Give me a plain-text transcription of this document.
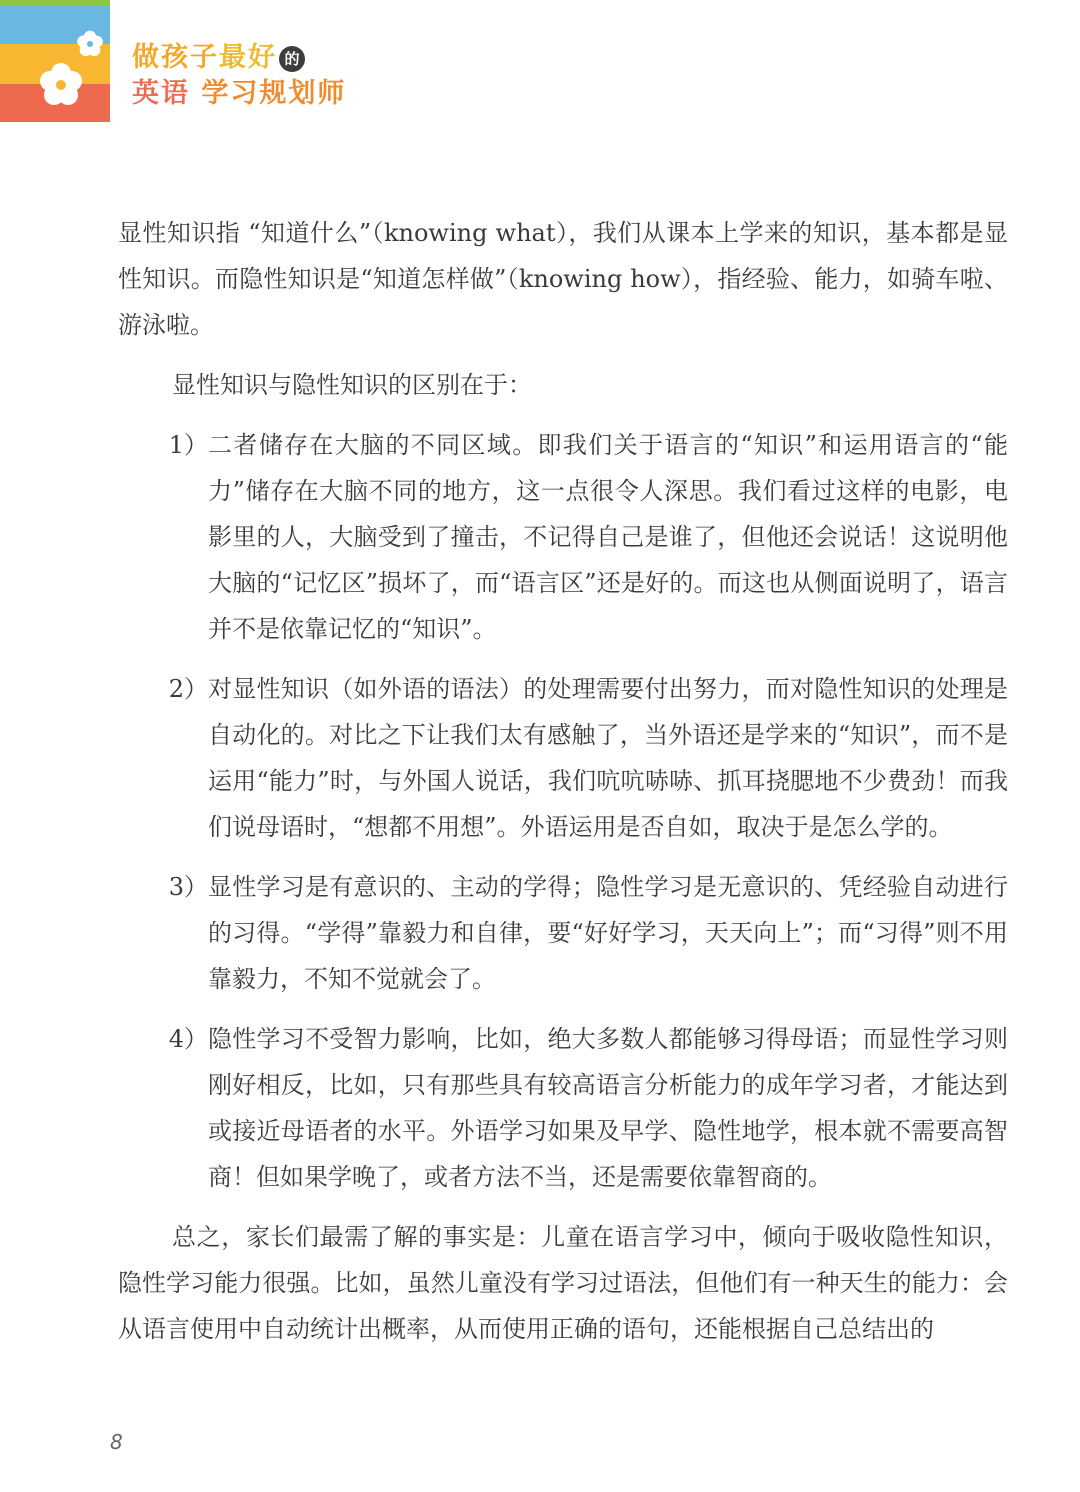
做孩子最好 的
英语 学习规划师

显性知识指 “知道什么”（knowing what），我们从课本上学来的知识，基本都是显性知识。而隐性知识是“知道怎样做”（knowing how），指经验、能力，如骑车啦、游泳啦。

显性知识与隐性知识的区别在于：

1） 二者储存在大脑的不同区域。即我们关于语言的“知识”和运用语言的“能力”储存在大脑不同的地方，这一点很令人深思。我们看过这样的电影，电影里的人，大脑受到了撞击，不记得自己是谁了，但他还会说话！这说明他大脑的“记忆区”损坏了，而“语言区”还是好的。而这也从侧面说明了，语言并不是依靠记忆的“知识”。

2） 对显性知识（如外语的语法）的处理需要付出努力，而对隐性知识的处理是自动化的。对比之下让我们太有感触了，当外语还是学来的“知识”，而不是运用“能力”时，与外国人说话，我们吭吭哧哧、抓耳挠腮地不少费劲！而我们说母语时，“想都不用想”。外语运用是否自如，取决于是怎么学的。

3） 显性学习是有意识的、主动的学得；隐性学习是无意识的、凭经验自动进行的习得。“学得”靠毅力和自律，要“好好学习，天天向上”；而“习得”则不用靠毅力，不知不觉就会了。

4） 隐性学习不受智力影响，比如，绝大多数人都能够习得母语；而显性学习则刚好相反，比如，只有那些具有较高语言分析能力的成年学习者，才能达到或接近母语者的水平。外语学习如果及早学、隐性地学，根本就不需要高智商！但如果学晚了，或者方法不当，还是需要依靠智商的。

总之，家长们最需了解的事实是：儿童在语言学习中，倾向于吸收隐性知识，隐性学习能力很强。比如，虽然儿童没有学习过语法，但他们有一种天生的能力：会从语言使用中自动统计出概率，从而使用正确的语句，还能根据自己总结出的

8
